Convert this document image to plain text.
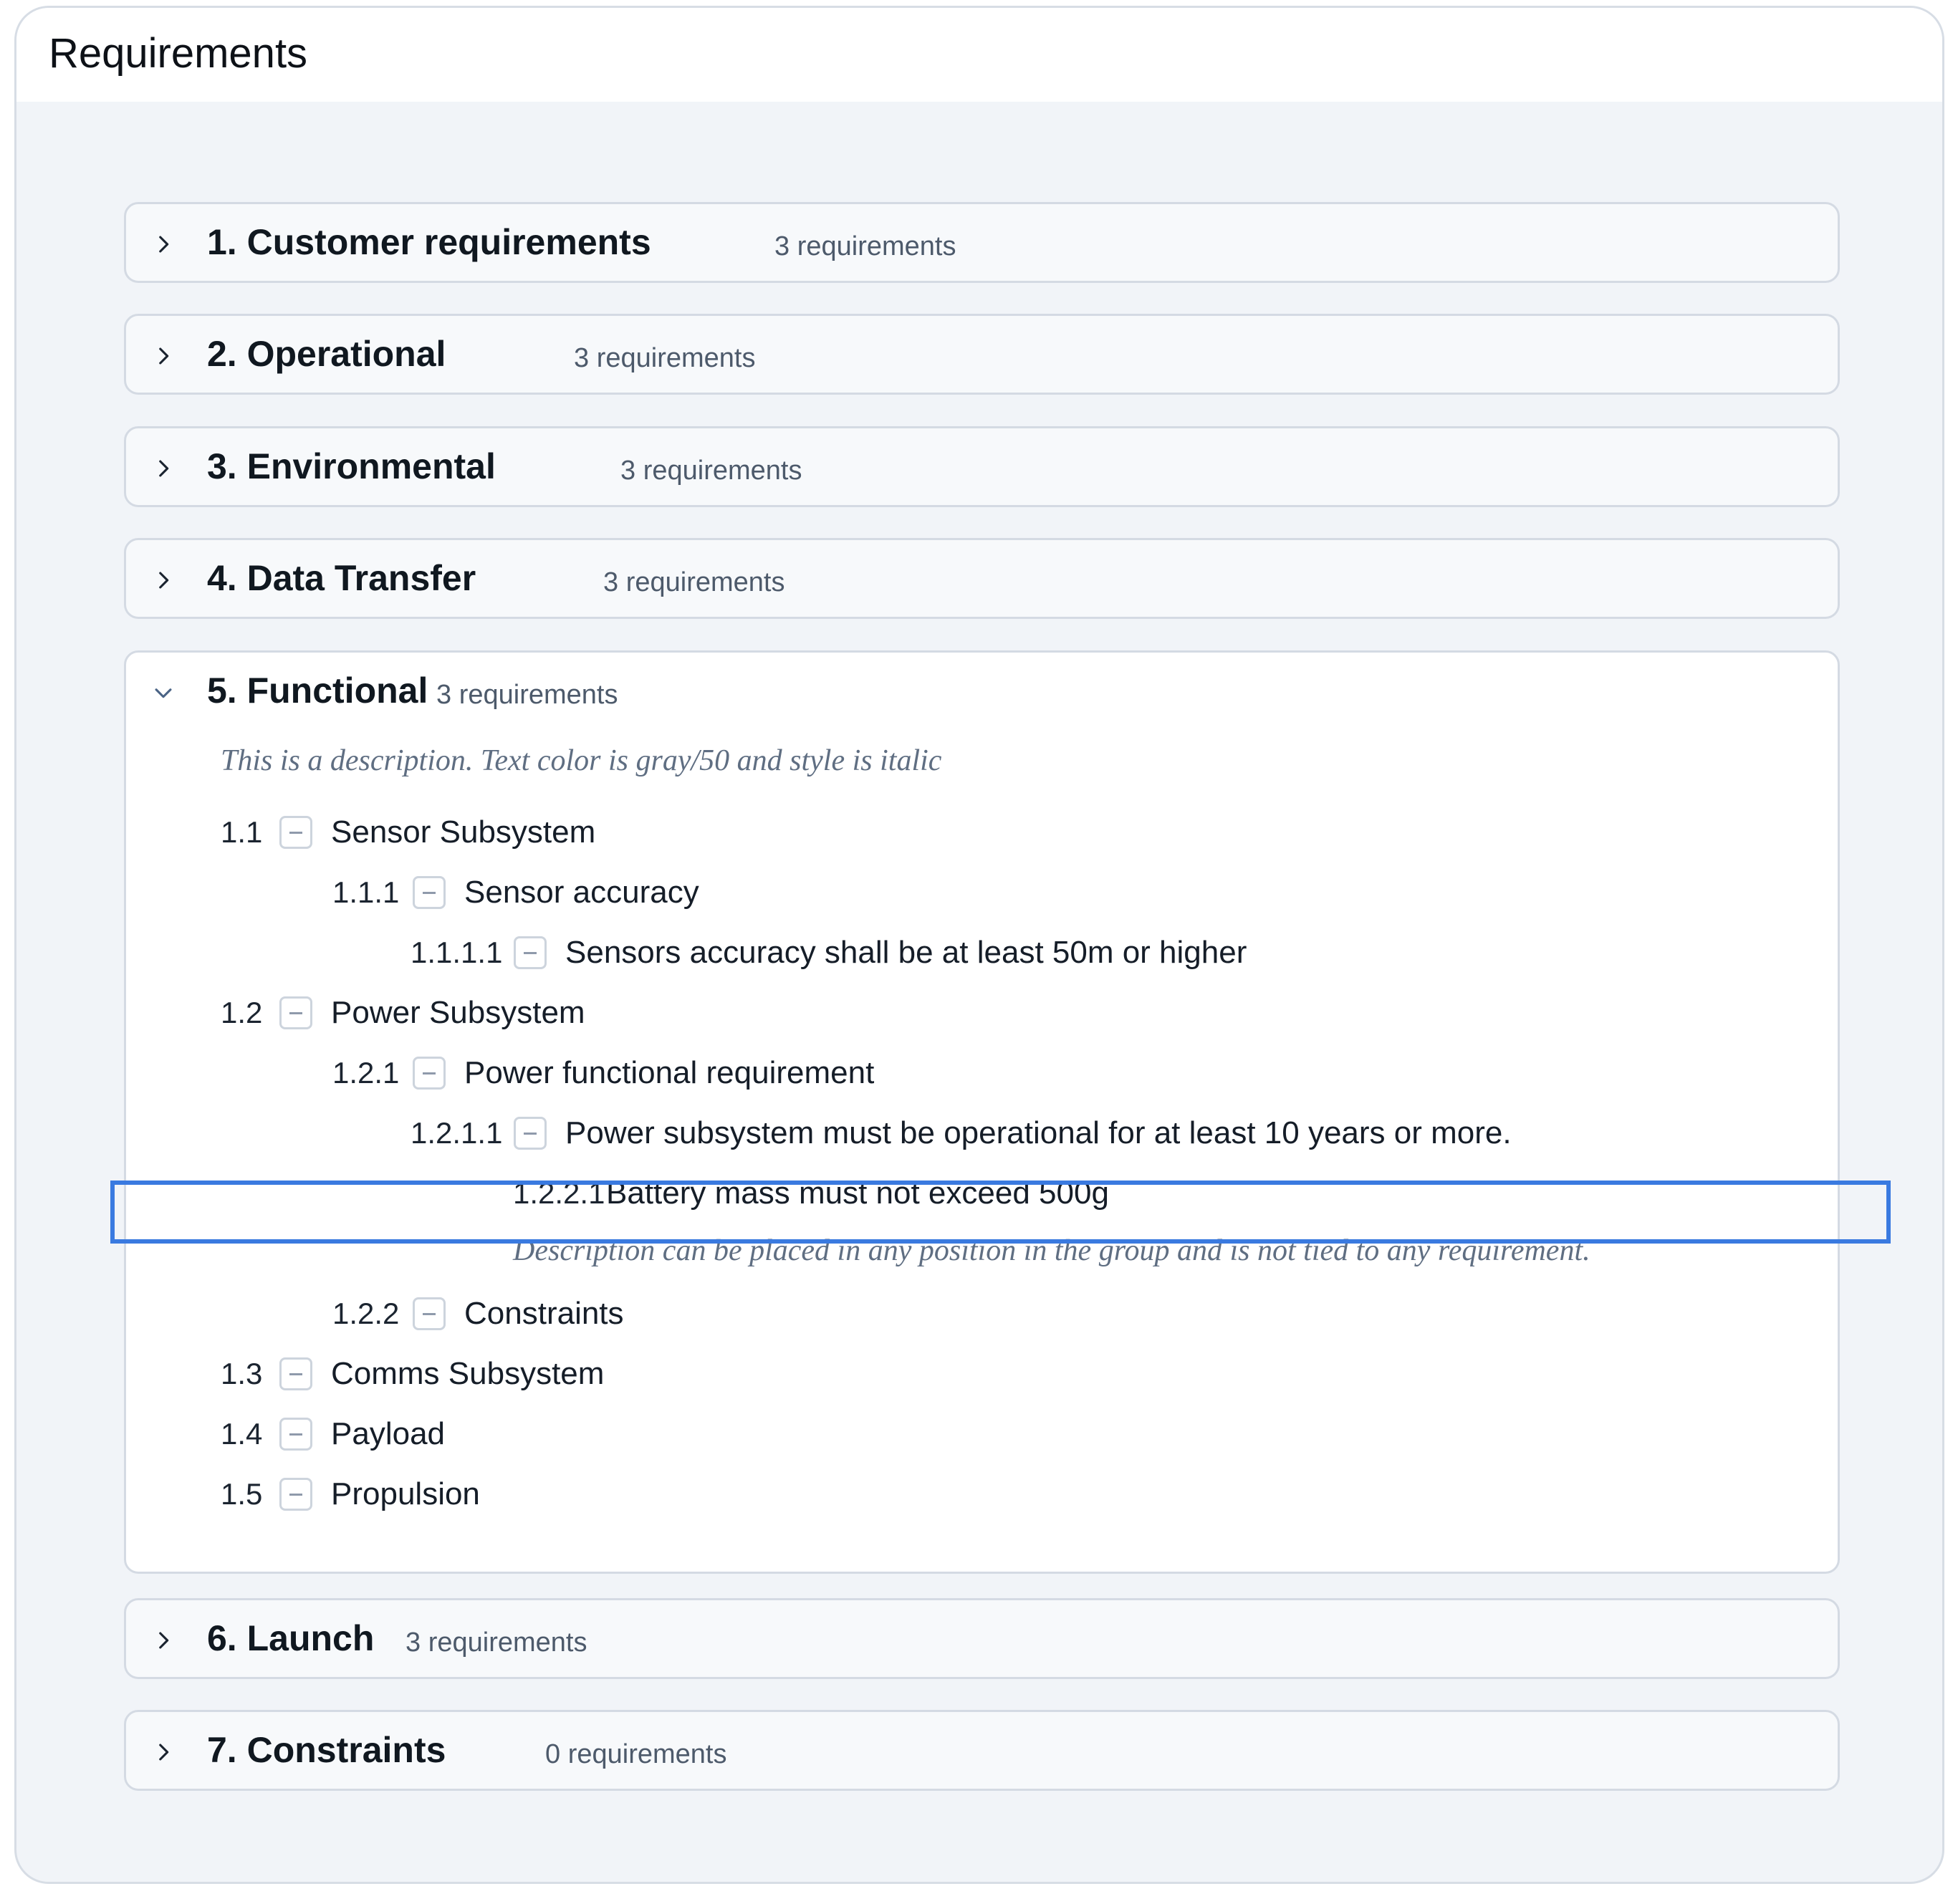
Requirements
1. Customer requirements	3 requirements
2. Operational	3 requirements
3. Environmental	3 requirements
4. Data Transfer	3 requirements
5. Functional 3 requirements
This is a description. Text color is gray/50 and style is italic
1.1 Sensor Subsystem
1.1.1 Sensor accuracy
1.1.1.1 Sensors accuracy shall be at least 50m or higher
1.2 Power Subsystem
1.2.1 Power functional requirement
1.2.1.1 Power subsystem must be operational for at least 10 years or more.
1.2.2.1 Battery mass must not exceed 500g
Description can be placed in any position in the group and is not tied to any requirement.
1.2.2 Constraints
1.3 Comms Subsystem
1.4 Payload
1.5 Propulsion
6. Launch 3 requirements
7. Constraints	0 requirements
